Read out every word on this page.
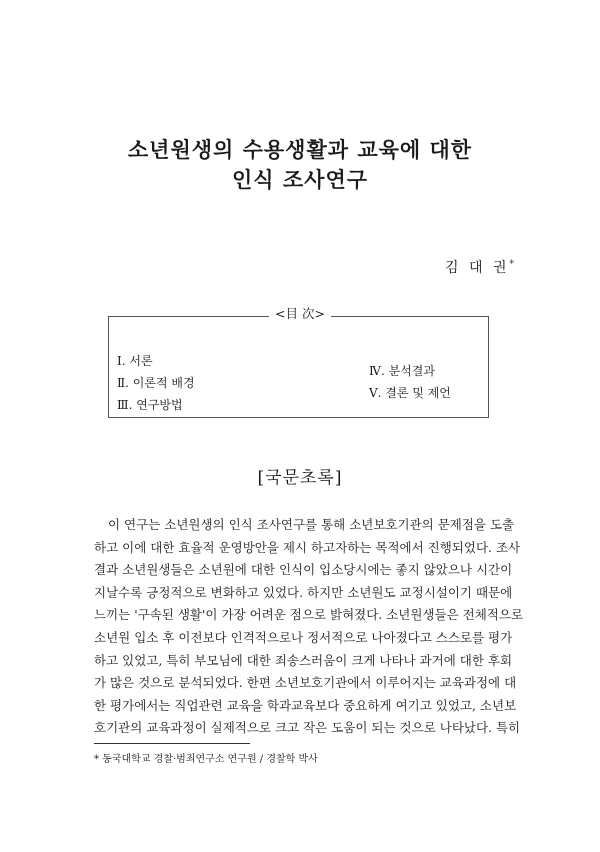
소년원생의 수용생활과 교육에 대한
인식 조사연구
김 대 권*
<目 次>
Ⅰ. 서론
Ⅱ. 이론적 배경
Ⅲ. 연구방법
Ⅳ. 분석결과
Ⅴ. 결론 및 제언
[국문초록]
이 연구는 소년원생의 인식 조사연구를 통해 소년보호기관의 문제점을 도출
하고 이에 대한 효율적 운영방안을 제시 하고자하는 목적에서 진행되었다. 조사
결과 소년원생들은 소년원에 대한 인식이 입소당시에는 좋지 않았으나 시간이
지날수록 긍정적으로 변화하고 있었다. 하지만 소년원도 교정시설이기 때문에
느끼는 '구속된 생활'이 가장 어려운 점으로 밝혀졌다. 소년원생들은 전체적으로
소년원 입소 후 이전보다 인격적으로나 정서적으로 나아졌다고 스스로를 평가
하고 있었고, 특히 부모님에 대한 죄송스러움이 크게 나타나 과거에 대한 후회
가 많은 것으로 분석되었다. 한편 소년보호기관에서 이루어지는 교육과정에 대
한 평가에서는 직업관련 교육을 학과교육보다 중요하게 여기고 있었고, 소년보
호기관의 교육과정이 실제적으로 크고 작은 도움이 되는 것으로 나타났다. 특히
* 동국대학교 경찰·범죄연구소 연구원 / 경찰학 박사
